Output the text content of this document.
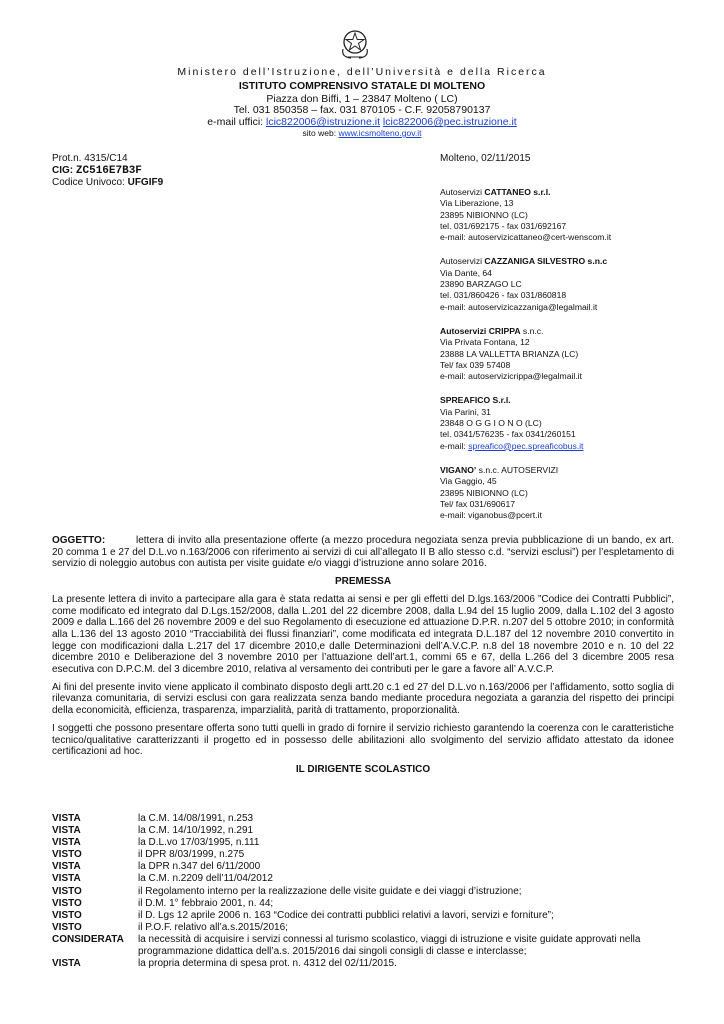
Ministero dell’Istruzione, dell’Università e della Ricerca
ISTITUTO COMPRENSIVO STATALE DI MOLTENO
Piazza don Biffi, 1 – 23847 Molteno ( LC)
Tel. 031 850358 – fax. 031 870105 - C.F. 92058790137
e-mail uffici: lcic822006@istruzione.it lcic822006@pec.istruzione.it
sito web: www.icsmolteno.gov.it
Prot.n. 4315/C14
CIG: ZC516E7B3F
Codice Univoco: UFGIF9
Molteno, 02/11/2015
Autoservizi CATTANEO s.r.l.
Via Liberazione, 13
23895 NIBIONNO (LC)
tel. 031/692175 - fax 031/692167
e-mail: autoservizicattaneo@cert-wenscom.it
Autoservizi CAZZANIGA SILVESTRO s.n.c
Via Dante, 64
23890 BARZAGO LC
tel. 031/860426 - fax 031/860818
e-mail: autoservizicazzaniga@legalmail.it
Autoservizi CRIPPA s.n.c.
Via Privata Fontana, 12
23888 LA VALLETTA BRIANZA (LC)
Tel/ fax 039 57408
e-mail: autoservizicrippa@legalmail.it
SPREAFICO S.r.l.
Via Parini, 31
23848 O G G I O N O (LC)
tel. 0341/576235 - fax 0341/260151
e-mail: spreafico@pec.spreaficobus.it
VIGANO’ s.n.c. AUTOSERVIZI
Via Gaggio, 45
23895 NIBIONNO (LC)
Tel/ fax 031/690617
e-mail: viganobus@pcert.it

OGGETTO:	lettera di invito alla presentazione offerte (a mezzo procedura negoziata senza previa pubblicazione di un bando, ex art. 20 comma 1 e 27 del D.L.vo n.163/2006 con riferimento ai servizi di cui all’allegato II B allo stesso c.d. “servizi esclusi”) per l’espletamento di servizio di noleggio autobus con autista per visite guidate e/o viaggi d’istruzione anno solare 2016.

PREMESSA

La presente lettera di invito a partecipare alla gara è stata redatta ai sensi e per gli effetti del D.lgs.163/2006 ”Codice dei Contratti Pubblici”, come modificato ed integrato dal D.Lgs.152/2008, dalla L.201 del 22 dicembre 2008, dalla L.94 del 15 luglio 2009, dalla L.102 del 3 agosto 2009 e dalla L.166 del 26 novembre 2009 e del suo Regolamento di esecuzione ed attuazione D.P.R. n.207 del 5 ottobre 2010; in conformità alla L.136 del 13 agosto 2010 “Tracciabilità dei flussi finanziari”, come modificata ed integrata D.L.187 del 12 novembre 2010 convertito in legge con modificazioni dalla L.217 del 17 dicembre 2010,e dalle Determinazioni dell’A.V.C.P. n.8 del 18 novembre 2010 e n. 10 del 22 dicembre 2010 e Deliberazione del 3 novembre 2010 per l’attuazione dell’art.1, commi 65 e 67, della L.266 del 3 dicembre 2005 resa esecutiva con D.P.C.M. del 3 dicembre 2010, relativa al versamento dei contributi per le gare a favore all’ A.V.C.P.

Ai fini del presente invito viene applicato il combinato disposto degli artt.20 c.1 ed 27 del D.L.vo n.163/2006 per l’affidamento, sotto soglia di rilevanza comunitaria, di servizi esclusi con gara realizzata senza bando mediante procedura negoziata a garanzia del rispetto dei principi della economicità, efficienza, trasparenza, imparzialità, parità di trattamento, proporzionalità.

I soggetti che possono presentare offerta sono tutti quelli in grado di fornire il servizio richiesto garantendo la coerenza con le caratteristiche tecnico/qualitative caratterizzanti il progetto ed in possesso delle abilitazioni allo svolgimento del servizio affidato attestato da idonee certificazioni ad hoc.

IL DIRIGENTE SCOLASTICO
VISTA	la C.M. 14/08/1991, n.253
VISTA	la C.M. 14/10/1992, n.291
VISTA	la D.L.vo 17/03/1995, n.111
VISTO	il DPR 8/03/1999, n.275
VISTA	la DPR n.347 del 6/11/2000
VISTA	la C.M. n.2209 dell’11/04/2012
VISTO	il Regolamento interno per la realizzazione delle visite guidate e dei viaggi d’istruzione;
VISTO	il D.M. 1° febbraio 2001, n. 44;
VISTO	il D. Lgs 12 aprile 2006 n. 163 “Codice dei contratti pubblici relativi a lavori, servizi e forniture”;
VISTO	il P.O.F. relativo all’a.s.2015/2016;
CONSIDERATA	la necessità di acquisire i servizi connessi al turismo scolastico, viaggi di istruzione e visite guidate approvati nella programmazione didattica dell’a.s. 2015/2016 dai singoli consigli di classe e interclasse;
VISTA	la propria determina di spesa prot. n. 4312 del 02/11/2015.
